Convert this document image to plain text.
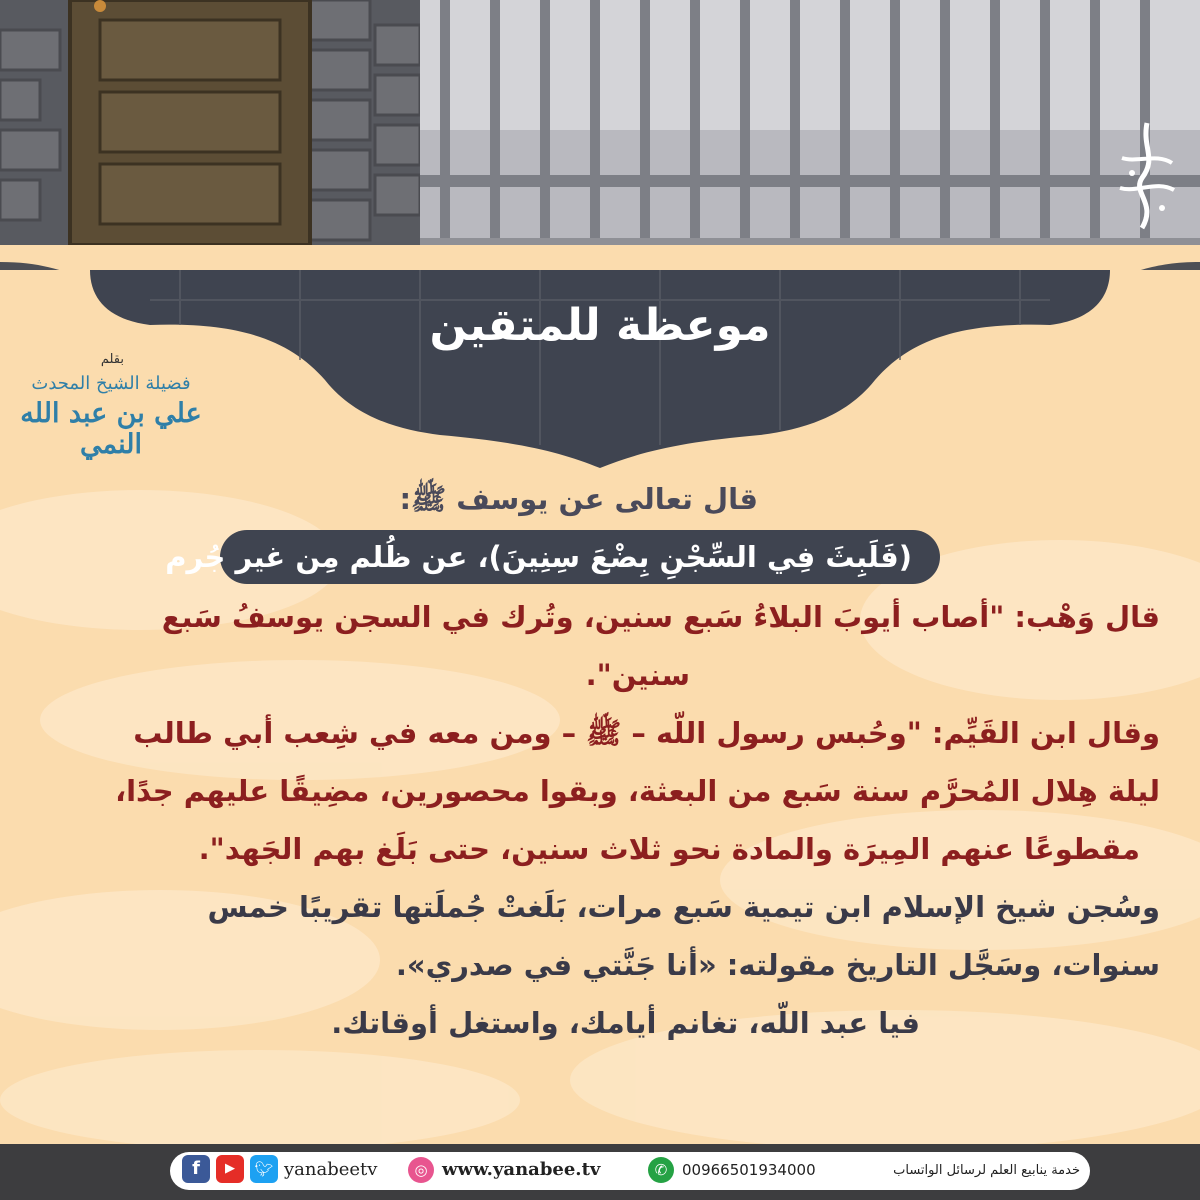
موعظة للمتقين
بقلم
فضيلة الشيخ المحدث
علي بن عبد الله النمي
قال تعالى عن يوسف ﷺ:
(فَلَبِثَ فِي السِّجْنِ بِضْعَ سِنِينَ)، عن ظُلم مِن غير جُرم
قال وَهْب: "أصاب أيوبَ البلاءُ سَبع سنين، وتُرك في السجن يوسفُ سَبع
سنين".
وقال ابن القَيِّم: "وحُبس رسول اللّه – ﷺ – ومن معه في شِعب أبي طالب
ليلة هِلال المُحرَّم سنة سَبع من البعثة، وبقوا محصورين، مضِيقًا عليهم جدًا،
مقطوعًا عنهم المِيرَة والمادة نحو ثلاث سنين، حتى بَلَغ بهم الجَهد".
وسُجن شيخ الإسلام ابن تيمية سَبع مرات، بَلَغتْ جُملَتها تقريبًا خمس
سنوات، وسَجَّل التاريخ مقولته: «أنا جَنَّتي في صدري».
فيا عبد اللّه، تغانم أيامك، واستغل أوقاتك.
خدمة ينابيع العلم لرسائل الواتساب
00966501934000
✆
www.yanabee.tv
◎
yanabeetv
🐦︎
▶
f
